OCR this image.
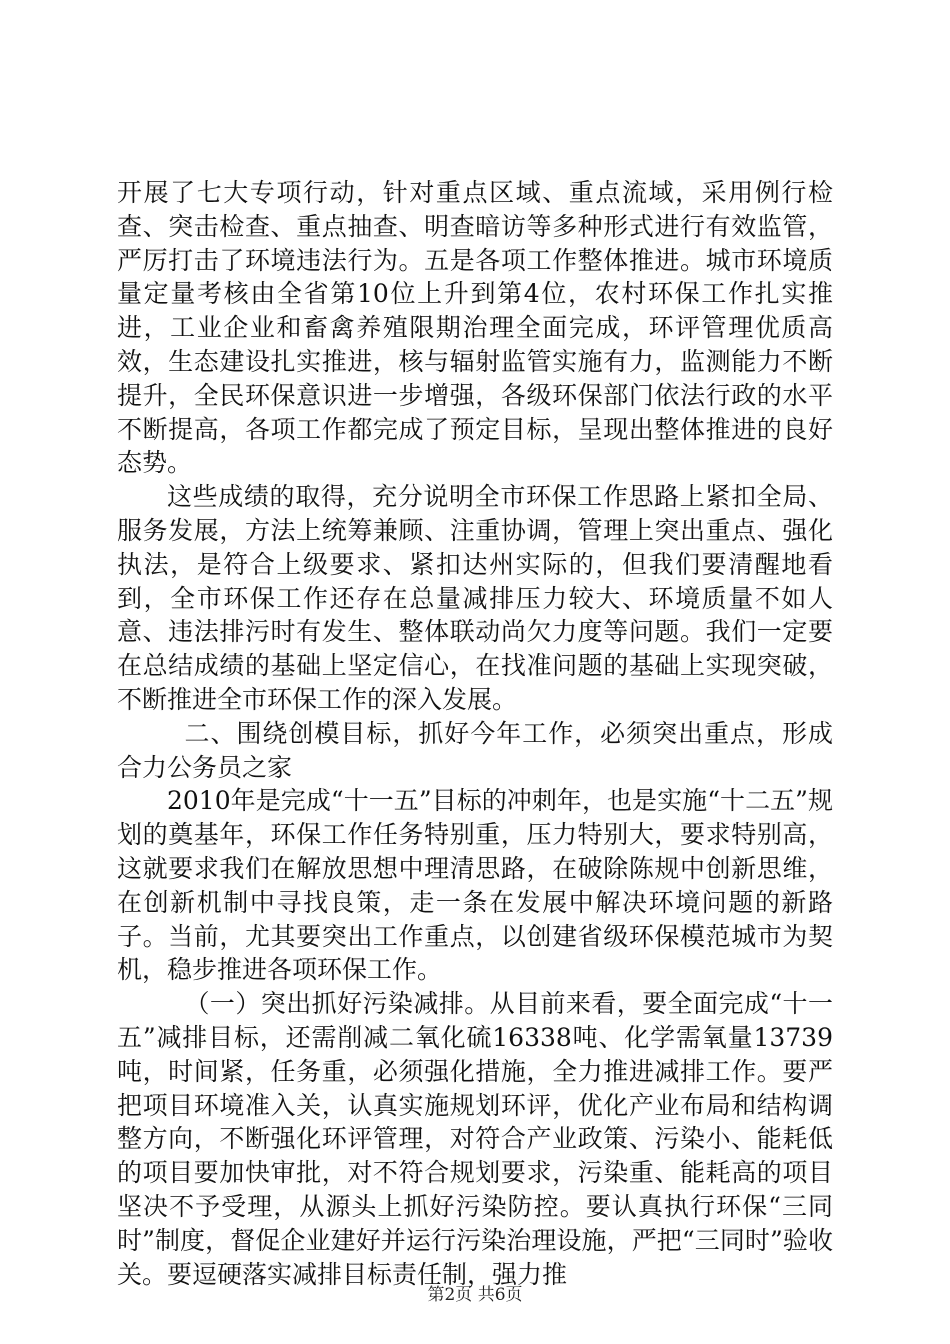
开展了七大专项行动，针对重点区域、重点流域，采用例行检查、突击检查、重点抽查、明查暗访等多种形式进行有效监管，严厉打击了环境违法行为。五是各项工作整体推进。城市环境质量定量考核由全省第10位上升到第4位，农村环保工作扎实推进，工业企业和畜禽养殖限期治理全面完成，环评管理优质高效，生态建设扎实推进，核与辐射监管实施有力，监测能力不断提升，全民环保意识进一步增强，各级环保部门依法行政的水平不断提高，各项工作都完成了预定目标，呈现出整体推进的良好态势。

这些成绩的取得，充分说明全市环保工作思路上紧扣全局、服务发展，方法上统筹兼顾、注重协调，管理上突出重点、强化执法，是符合上级要求、紧扣达州实际的，但我们要清醒地看到，全市环保工作还存在总量减排压力较大、环境质量不如人意、违法排污时有发生、整体联动尚欠力度等问题。我们一定要在总结成绩的基础上坚定信心，在找准问题的基础上实现突破，不断推进全市环保工作的深入发展。

二、围绕创模目标，抓好今年工作，必须突出重点，形成合力公务员之家

2010年是完成“十一五”目标的冲刺年，也是实施“十二五”规划的奠基年，环保工作任务特别重，压力特别大，要求特别高，这就要求我们在解放思想中理清思路，在破除陈规中创新思维，在创新机制中寻找良策，走一条在发展中解决环境问题的新路子。当前，尤其要突出工作重点，以创建省级环保模范城市为契机，稳步推进各项环保工作。

（一）突出抓好污染减排。从目前来看，要全面完成“十一五”减排目标，还需削减二氧化硫16338吨、化学需氧量13739吨，时间紧，任务重，必须强化措施，全力推进减排工作。要严把项目环境准入关，认真实施规划环评，优化产业布局和结构调整方向，不断强化环评管理，对符合产业政策、污染小、能耗低的项目要加快审批，对不符合规划要求，污染重、能耗高的项目坚决不予受理，从源头上抓好污染防控。要认真执行环保“三同时”制度，督促企业建好并运行污染治理设施，严把“三同时”验收关。要逗硬落实减排目标责任制，强力推

第2页 共6页
